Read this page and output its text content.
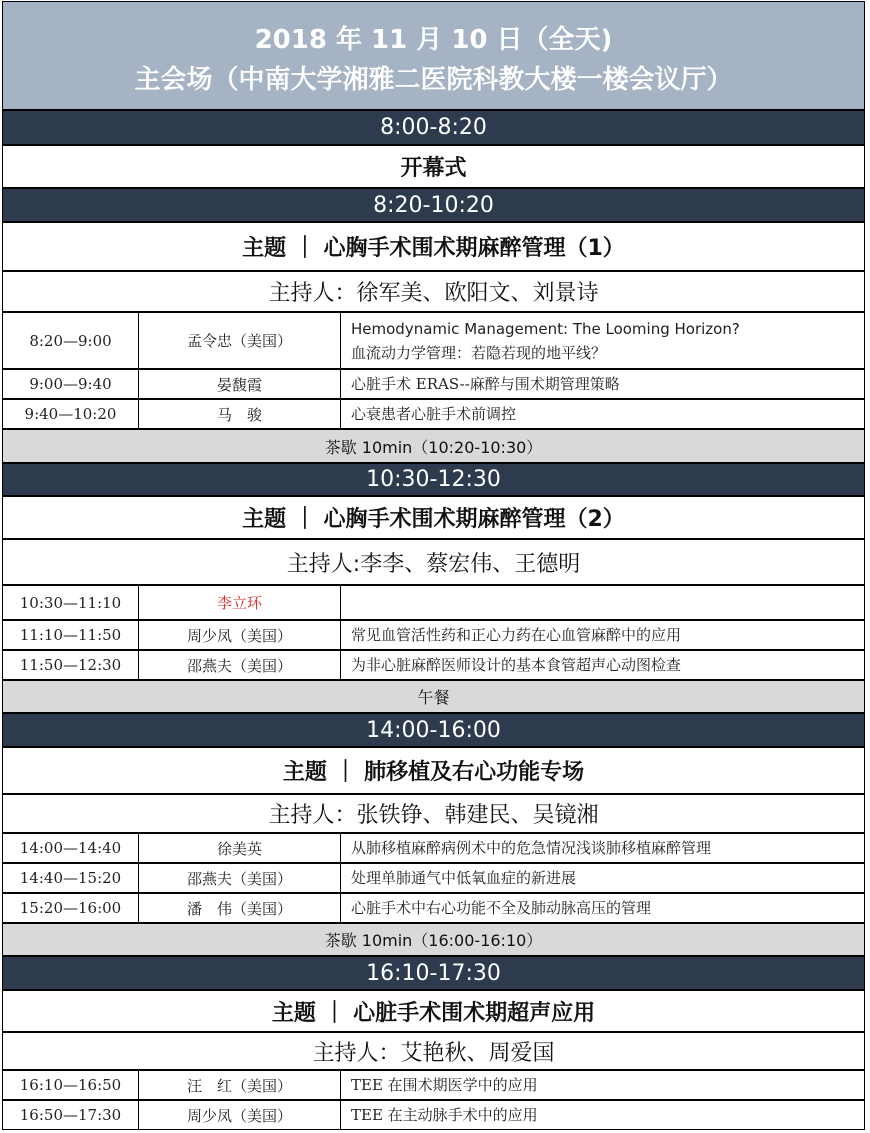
2018 年 11 月 10 日（全天)
主会场（中南大学湘雅二医院科教大楼一楼会议厅）
8:00-8:20
开幕式
8:20-10:20
主题 ｜ 心胸手术围术期麻醉管理（1）
主持人：徐军美、欧阳文、刘景诗
8:20—9:00	孟令忠（美国）
Hemodynamic Management: The Looming Horizon?
血流动力学管理：若隐若现的地平线？
9:00—9:40	晏馥霞	心脏手术 ERAS--麻醉与围术期管理策略
9:40—10:20	马　骏	心衰患者心脏手术前调控
茶歇 10min（10:20-10:30）
10:30-12:30
主题 ｜ 心胸手术围术期麻醉管理（2）
主持人:李李、蔡宏伟、王德明
10:30—11:10	李立环
11:10—11:50	周少凤（美国）	常见血管活性药和正心力药在心血管麻醉中的应用
11:50—12:30	邵燕夫（美国）	为非心脏麻醉医师设计的基本食管超声心动图检查
午餐
14:00-16:00
主题 ｜ 肺移植及右心功能专场
主持人：张铁铮、韩建民、吴镜湘
14:00—14:40	徐美英	从肺移植麻醉病例术中的危急情况浅谈肺移植麻醉管理
14:40—15:20	邵燕夫（美国）	处理单肺通气中低氧血症的新进展
15:20—16:00	潘　伟（美国）	心脏手术中右心功能不全及肺动脉高压的管理
茶歇 10min（16:00-16:10）
16:10-17:30
主题 ｜ 心脏手术围术期超声应用
主持人：艾艳秋、周爱国
16:10—16:50	汪　红（美国）	TEE 在围术期医学中的应用
16:50—17:30	周少凤（美国）	TEE 在主动脉手术中的应用
